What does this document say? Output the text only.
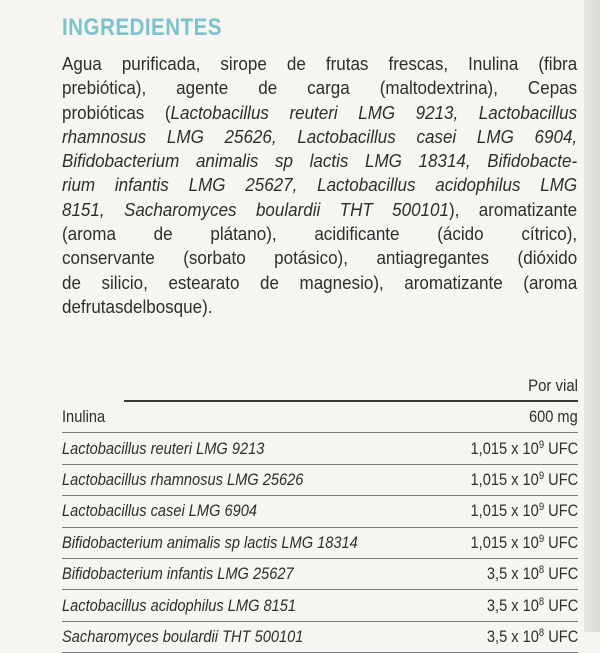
INGREDIENTES
Agua purificada, sirope de frutas frescas, Inulina (fibra
prebiótica), agente de carga (maltodextrina), Cepas
probióticas (Lactobacillus reuteri LMG 9213, Lactobacillus
rhamnosus LMG 25626, Lactobacillus casei LMG 6904,
Bifidobacterium animalis sp lactis LMG 18314, Bifidobacte-
rium infantis LMG 25627, Lactobacillus acidophilus LMG
8151, Sacharomyces boulardii THT 500101), aromatizante
(aroma de plátano), acidificante (ácido cítrico),
conservante (sorbato potásico), antiagregantes (dióxido
de silicio, estearato de magnesio), aromatizante (aroma
de frutas del bosque).
Por vial
Inulina	600 mg
Lactobacillus reuteri LMG 9213	1,015 x $10^9$ UFC
Lactobacillus rhamnosus LMG 25626	1,015 x $10^9$ UFC
Lactobacillus casei LMG 6904	1,015 x $10^9$ UFC
Bifidobacterium animalis sp lactis LMG 18314	1,015 x $10^9$ UFC
Bifidobacterium infantis LMG 25627	3,5 x $10^8$ UFC
Lactobacillus acidophilus LMG 8151	3,5 x $10^8$ UFC
Sacharomyces boulardii THT 500101	3,5 x $10^8$ UFC
